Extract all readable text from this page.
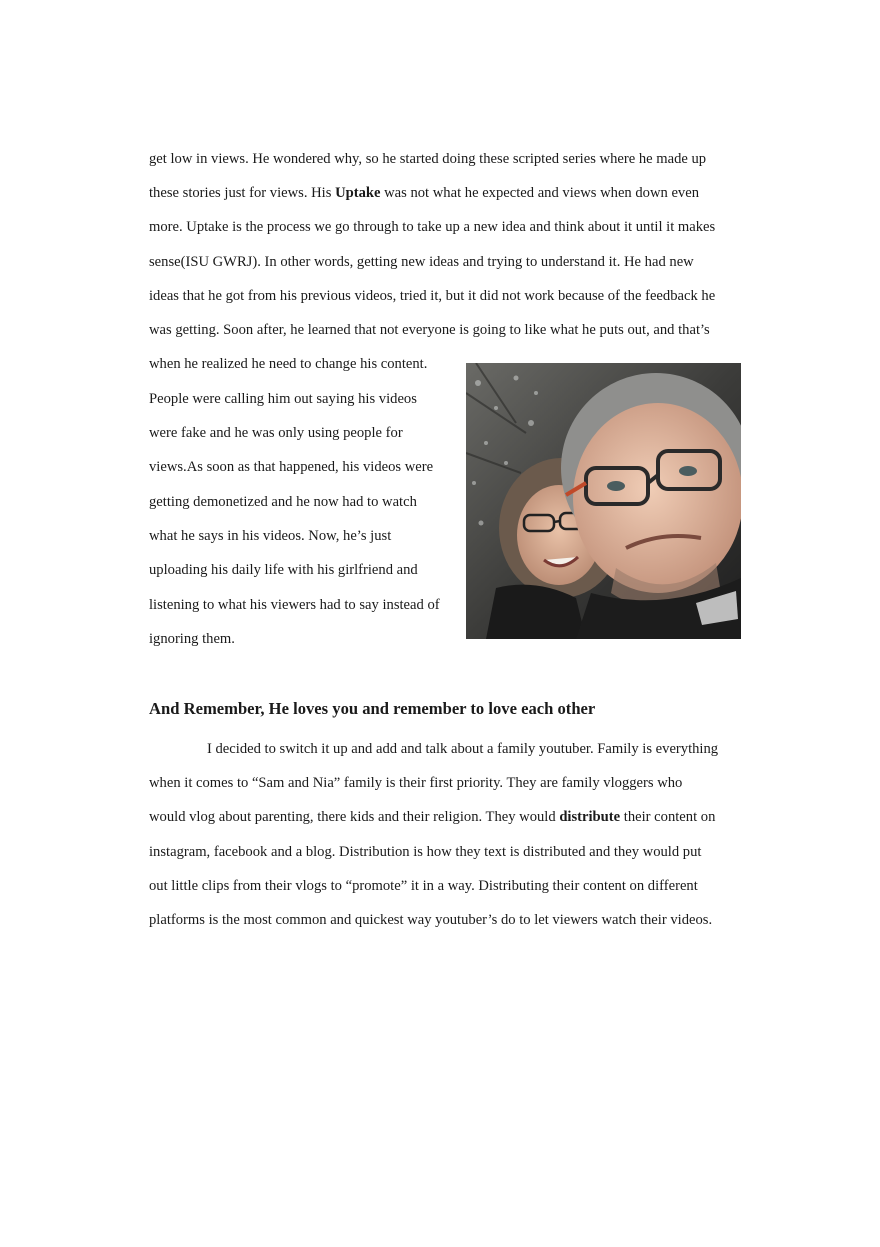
get low in views. He wondered why, so he started doing these scripted series where he made up

these stories just for views. His Uptake was not what he expected and views when down even

more. Uptake is the process we go through to take up a new idea and think about it until it makes

sense(ISU GWRJ). In other words, getting new ideas and trying to understand it. He had new

ideas that he got from his previous videos, tried it, but it did not work because of the feedback he

was getting. Soon after, he learned that not everyone is going to like what he puts out, and that’s

when he realized he need to change his content.

People were calling him out saying his videos

were fake and he was only using people for

views.As soon as that happened, his videos were

getting demonetized and he now had to watch

what he says in his videos. Now, he’s just

uploading his daily life with his girlfriend and

listening to what his viewers had to say instead of

ignoring them.

And Remember, He loves you and remember to love each other

I decided to switch it up and add and talk about a family youtuber. Family is everything

when it comes to “Sam and Nia” family is their first priority. They are family vloggers who

would vlog about parenting, there kids and their religion. They would distribute their content on

instagram, facebook and a blog. Distribution is how they text is distributed and they would put

out little clips from their vlogs to “promote” it in a way. Distributing their content on different

platforms is the most common and quickest way youtuber’s do to let viewers watch their videos.
